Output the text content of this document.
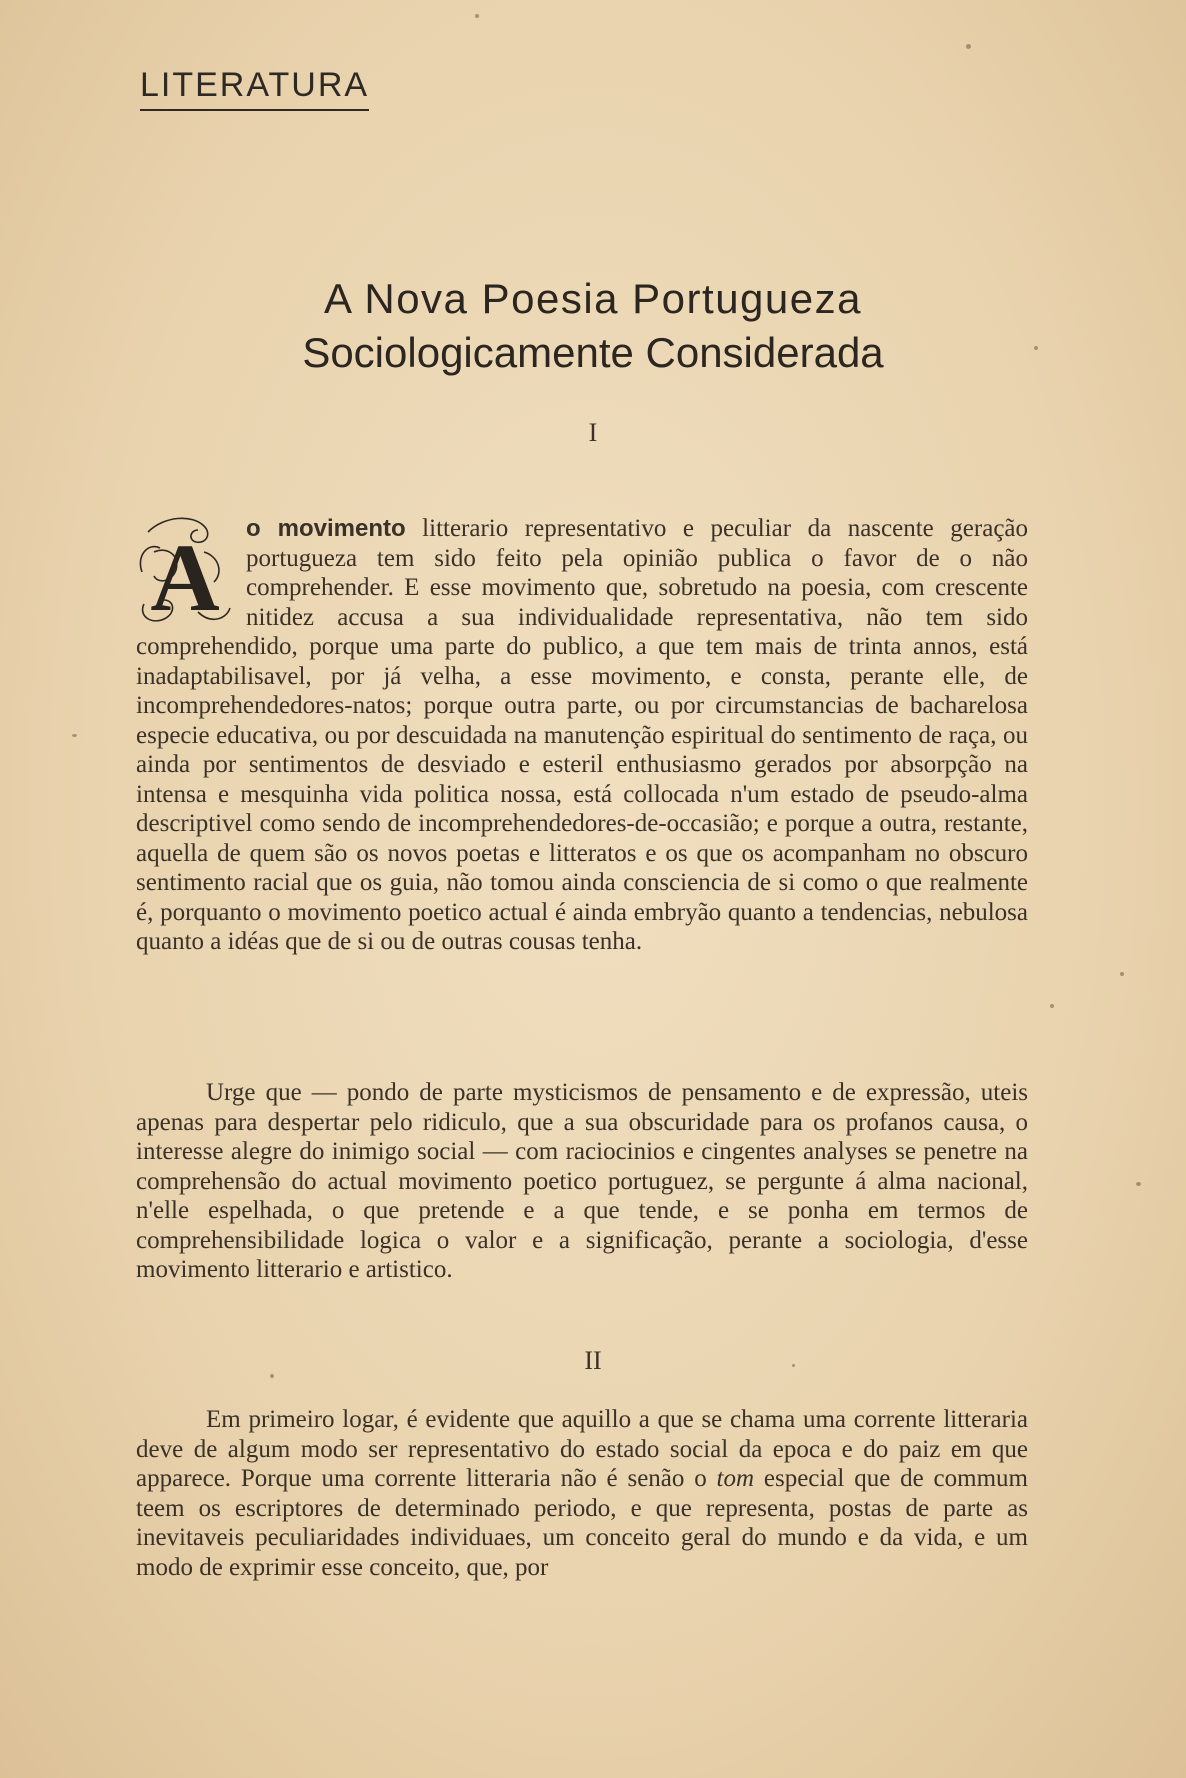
LITERATURA
A Nova Poesia Portugueza
Sociologicamente Considerada
I

A o movimento litterario representativo e peculiar da nascente geração portugueza tem sido feito pela opinião publica o favor de o não comprehender. E esse movimento que, sobretudo na poesia, com crescente nitidez accusa a sua individualidade representativa, não tem sido comprehendido, porque uma parte do publico, a que tem mais de trinta annos, está inadaptabilisavel, por já velha, a esse movimento, e consta, perante elle, de incomprehendedores-natos; porque outra parte, ou por circumstancias de bacharelosa especie educativa, ou por descuidada na manutenção espiritual do sentimento de raça, ou ainda por sentimentos de desviado e esteril enthusiasmo gerados por absorpção na intensa e mesquinha vida politica nossa, está collocada n'um estado de pseudo-alma descriptivel como sendo de incomprehendedores-de-occasião; e porque a outra, restante, aquella de quem são os novos poetas e litteratos e os que os acompanham no obscuro sentimento racial que os guia, não tomou ainda consciencia de si como o que realmente é, porquanto o movimento poetico actual é ainda embryão quanto a tendencias, nebulosa quanto a idéas que de si ou de outras cousas tenha.

Urge que — pondo de parte mysticismos de pensamento e de expressão, uteis apenas para despertar pelo ridiculo, que a sua obscuridade para os profanos causa, o interesse alegre do inimigo social — com raciocinios e cingentes analyses se penetre na comprehensão do actual movimento poetico portuguez, se pergunte á alma nacional, n'elle espelhada, o que pretende e a que tende, e se ponha em termos de comprehensibilidade logica o valor e a significação, perante a sociologia, d'esse movimento litterario e artistico.

II

Em primeiro logar, é evidente que aquillo a que se chama uma corrente litteraria deve de algum modo ser representativo do estado social da epoca e do paiz em que apparece. Porque uma corrente litteraria não é senão o tom especial que de commum teem os escriptores de determinado periodo, e que representa, postas de parte as inevitaveis peculiaridades individuaes, um conceito geral do mundo e da vida, e um modo de exprimir esse conceito, que, por
